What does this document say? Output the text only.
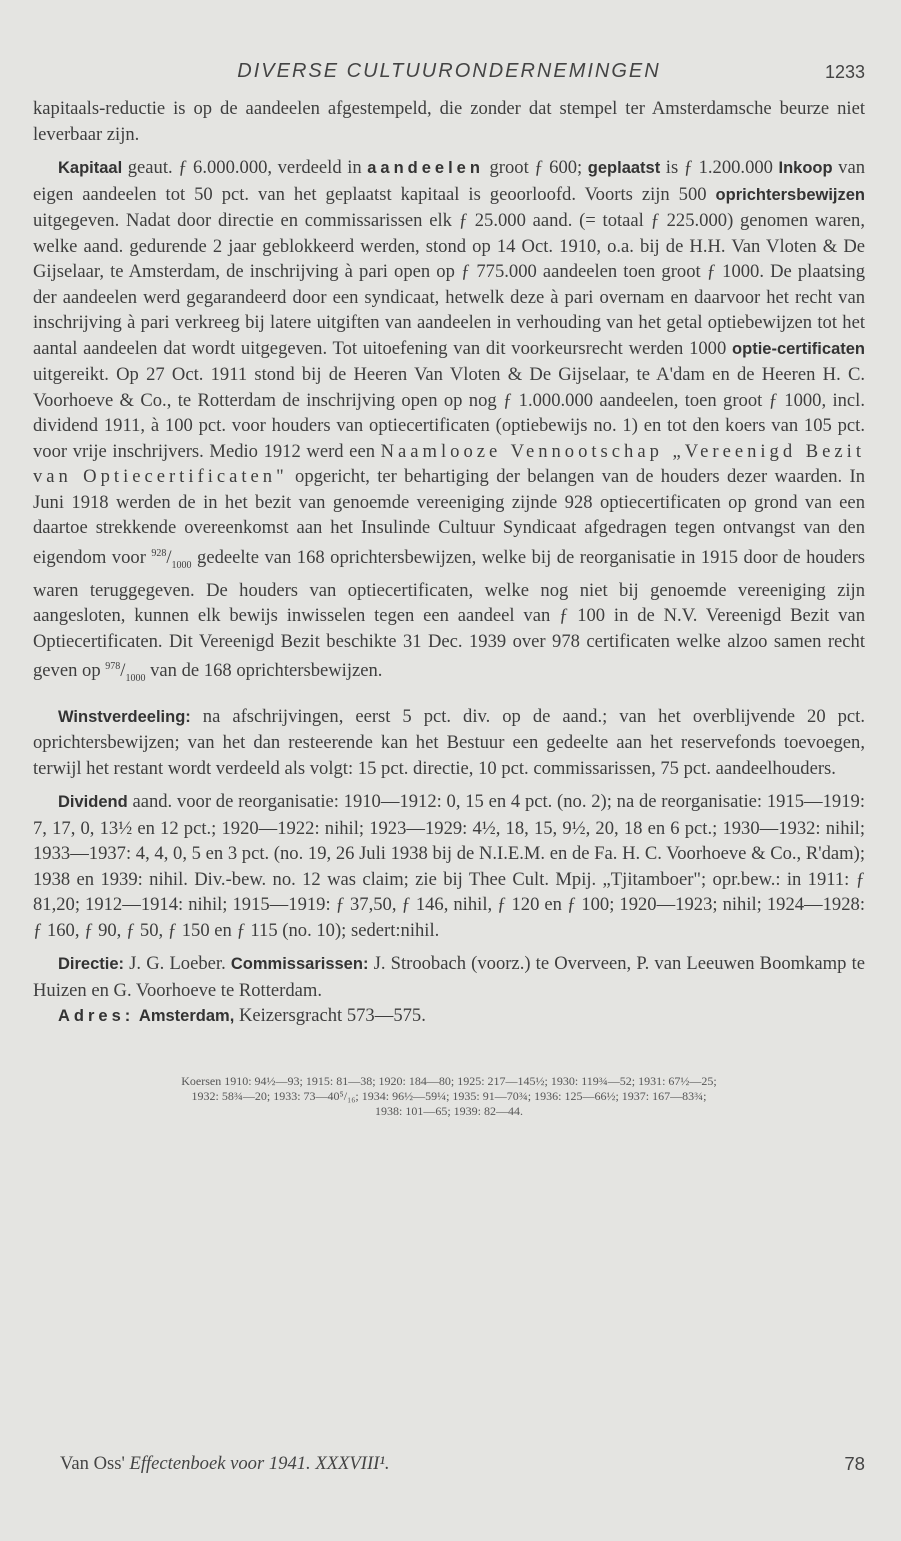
DIVERSE CULTUURONDERNEMINGEN	1233

kapitaals-reductie is op de aandeelen afgestempeld, die zonder dat stempel ter Amsterdamsche beurze niet leverbaar zijn.

Kapitaal geaut. ƒ 6.000.000, verdeeld in aandeelen groot ƒ 600; geplaatst is ƒ 1.200.000 Inkoop van eigen aandeelen tot 50 pct. van het geplaatst kapitaal is geoorloofd. Voorts zijn 500 oprichtersbewijzen uitgegeven. Nadat door directie en commissarissen elk ƒ 25.000 aand. (= totaal ƒ 225.000) genomen waren, welke aand. gedurende 2 jaar geblokkeerd werden, stond op 14 Oct. 1910, o.a. bij de H.H. Van Vloten & De Gijselaar, te Amsterdam, de inschrijving à pari open op ƒ 775.000 aandeelen toen groot ƒ 1000. De plaatsing der aandeelen werd gegarandeerd door een syndicaat, hetwelk deze à pari overnam en daarvoor het recht van inschrijving à pari verkreeg bij latere uitgiften van aandeelen in verhouding van het getal optiebewijzen tot het aantal aandeelen dat wordt uitgegeven. Tot uitoefening van dit voorkeursrecht werden 1000 optie-certificaten uitgereikt. Op 27 Oct. 1911 stond bij de Heeren Van Vloten & De Gijselaar, te A'dam en de Heeren H. C. Voorhoeve & Co., te Rotterdam de inschrijving open op nog ƒ 1.000.000 aandeelen, toen groot ƒ 1000, incl. dividend 1911, à 100 pct. voor houders van optiecertificaten (optiebewijs no. 1) en tot den koers van 105 pct. voor vrije inschrijvers. Medio 1912 werd een Naamlooze Vennootschap „Vereenigd Bezit van Optiecertificaten" opgericht, ter behartiging der belangen van de houders dezer waarden. In Juni 1918 werden de in het bezit van genoemde vereeniging zijnde 928 optiecertificaten op grond van een daartoe strekkende overeenkomst aan het Insulinde Cultuur Syndicaat afgedragen tegen ontvangst van den eigendom voor $^{928}/_{1000}$ gedeelte van 168 oprichtersbewijzen, welke bij de reorganisatie in 1915 door de houders waren teruggegeven. De houders van optiecertificaten, welke nog niet bij genoemde vereeniging zijn aangesloten, kunnen elk bewijs inwisselen tegen een aandeel van ƒ 100 in de N.V. Vereenigd Bezit van Optiecertificaten. Dit Vereenigd Bezit beschikte 31 Dec. 1939 over 978 certificaten welke alzoo samen recht geven op $^{978}/_{1000}$ van de 168 oprichtersbewijzen.

Winstverdeeling: na afschrijvingen, eerst 5 pct. div. op de aand.; van het overblijvende 20 pct. oprichtersbewijzen; van het dan resteerende kan het Bestuur een gedeelte aan het reservefonds toevoegen, terwijl het restant wordt verdeeld als volgt: 15 pct. directie, 10 pct. commissarissen, 75 pct. aandeelhouders.

Dividend aand. voor de reorganisatie: 1910—1912: 0, 15 en 4 pct. (no. 2); na de reorganisatie: 1915—1919: 7, 17, 0, 13½ en 12 pct.; 1920—1922: nihil; 1923—1929: 4½, 18, 15, 9½, 20, 18 en 6 pct.; 1930—1932: nihil; 1933—1937: 4, 4, 0, 5 en 3 pct. (no. 19, 26 Juli 1938 bij de N.I.E.M. en de Fa. H. C. Voorhoeve & Co., R'dam); 1938 en 1939: nihil. Div.-bew. no. 12 was claim; zie bij Thee Cult. Mpij. „Tjitamboer"; opr.bew.: in 1911: ƒ 81,20; 1912—1914: nihil; 1915—1919: ƒ 37,50, ƒ 146, nihil, ƒ 120 en ƒ 100; 1920—1923; nihil; 1924—1928: ƒ 160, ƒ 90, ƒ 50, ƒ 150 en ƒ 115 (no. 10); sedert:nihil.

Directie: J. G. Loeber. Commissarissen: J. Stroobach (voorz.) te Overveen, P. van Leeuwen Boomkamp te Huizen en G. Voorhoeve te Rotterdam.

Adres: Amsterdam, Keizersgracht 573—575.

Koersen 1910: 94½—93; 1915: 81—38; 1920: 184—80; 1925: 217—145½; 1930: 119¾—52; 1931: 67½—25;
1932: 58¾—20; 1933: 73—40⁵/₁₆; 1934: 96½—59¼; 1935: 91—70¾; 1936: 125—66½; 1937: 167—83¾;
1938: 101—65; 1939: 82—44.
Van Oss' Effectenboek voor 1941. XXXVIII¹.	78
